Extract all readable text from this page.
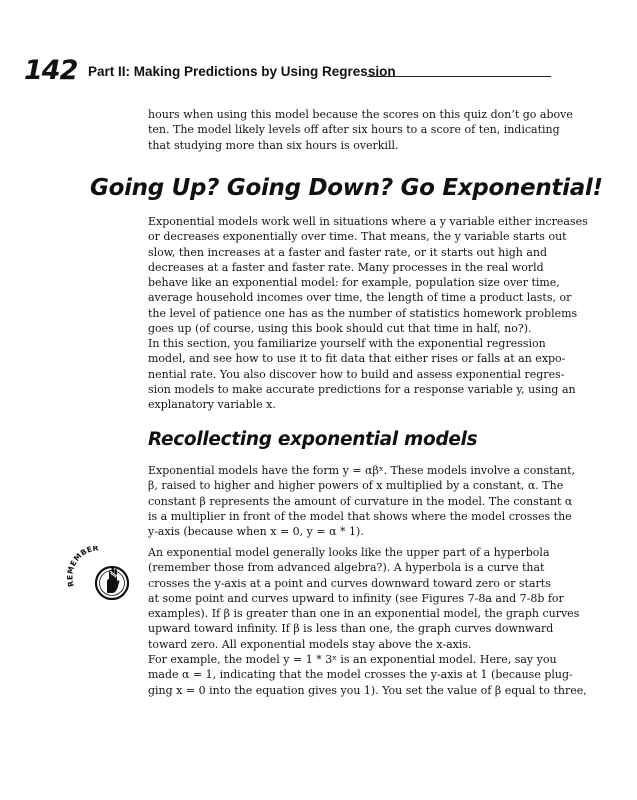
142 Part II: Making Predictions by Using Regression
hours when using this model because the scores on this quiz don’t go above
ten. The model likely levels off after six hours to a score of ten, indicating
that studying more than six hours is overkill.
Going Up? Going Down? Go Exponential!
Exponential models work well in situations where a y variable either increases
or decreases exponentially over time. That means, the y variable starts out
slow, then increases at a faster and faster rate, or it starts out high and
decreases at a faster and faster rate. Many processes in the real world
behave like an exponential model: for example, population size over time,
average household incomes over time, the length of time a product lasts, or
the level of patience one has as the number of statistics homework problems
goes up (of course, using this book should cut that time in half, no?).
In this section, you familiarize yourself with the exponential regression
model, and see how to use it to fit data that either rises or falls at an expo-
nential rate. You also discover how to build and assess exponential regres-
sion models to make accurate predictions for a response variable y, using an
explanatory variable x.
Recollecting exponential models
Exponential models have the form y = αβˣ. These models involve a constant,
β, raised to higher and higher powers of x multiplied by a constant, α. The
constant β represents the amount of curvature in the model. The constant α
is a multiplier in front of the model that shows where the model crosses the
y-axis (because when x = 0, y = α * 1).
REMEMBER	An exponential model generally looks like the upper part of a hyperbola
(remember those from advanced algebra?). A hyperbola is a curve that
crosses the y-axis at a point and curves downward toward zero or starts
at some point and curves upward to infinity (see Figures 7-8a and 7-8b for
examples). If β is greater than one in an exponential model, the graph curves
upward toward infinity. If β is less than one, the graph curves downward
toward zero. All exponential models stay above the x-axis.
For example, the model y = 1 * 3ˣ is an exponential model. Here, say you
made α = 1, indicating that the model crosses the y-axis at 1 (because plug-
ging x = 0 into the equation gives you 1). You set the value of β equal to three,
